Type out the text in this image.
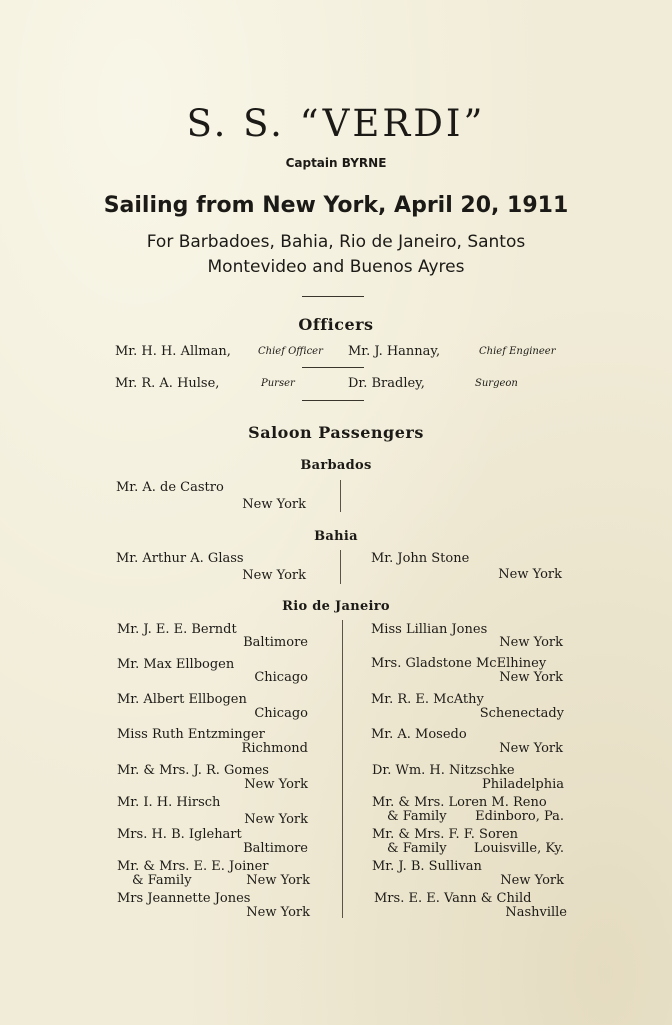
S. S. “VERDI”
Captain BYRNE
Sailing from New York, April 20, 1911
For Barbadoes, Bahia, Rio de Janeiro, Santos
Montevideo and Buenos Ayres
Officers
Mr. H. H. Allman,	Chief Officer Mr. J. Hannay,	Chief Engineer
Mr. R. A. Hulse,	Purser	Dr. Bradley,	Surgeon
Saloon Passengers
Barbados
Mr. A. de Castro
New York
Bahia
Mr. Arthur A. Glass
New York
Mr. John Stone
New York
Rio de Janeiro
Mr. J. E. E. Berndt
Baltimore
Mr. Max Ellbogen
Chicago
Mr. Albert Ellbogen
Chicago
Miss Ruth Entzminger
Richmond
Mr. & Mrs. J. R. Gomes
New York
Mr. I. H. Hirsch
New York
Mrs. H. B. Iglehart
Baltimore
Mr. & Mrs. E. E. Joiner
& Family	New York
Mrs Jeannette Jones
New York
Miss Lillian Jones
New York
Mrs. Gladstone McElhiney
New York
Mr. R. E. McAthy
Schenectady
Mr. A. Mosedo
New York
Dr. Wm. H. Nitzschke
Philadelphia
Mr. & Mrs. Loren M. Reno
& Family	Edinboro, Pa.
Mr. & Mrs. F. F. Soren
& Family	Louisville, Ky.
Mr. J. B. Sullivan
New York
Mrs. E. E. Vann & Child
Nashville
